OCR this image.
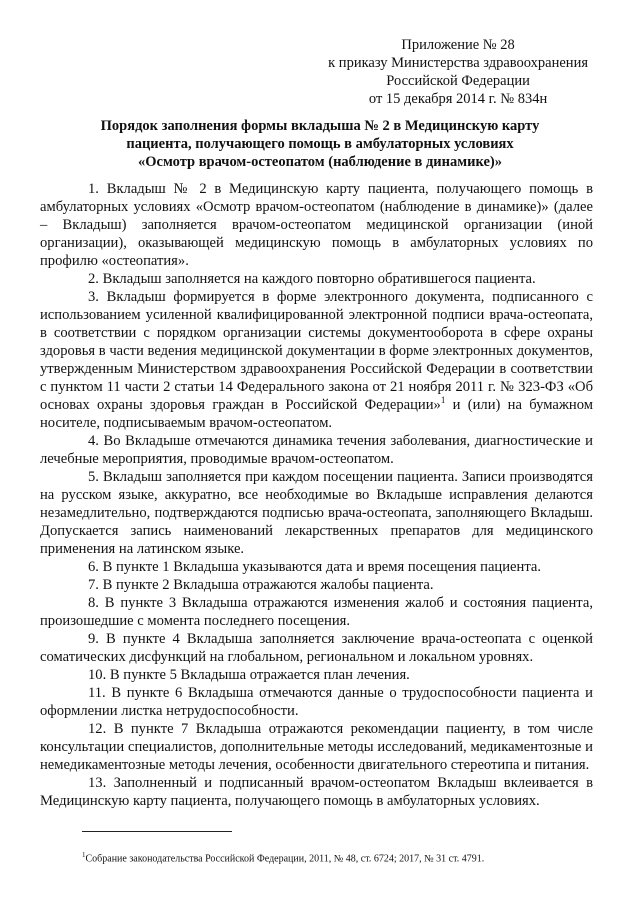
Приложение № 28
к приказу Министерства здравоохранения
Российской Федерации
от 15 декабря 2014 г. № 834н
Порядок заполнения формы вкладыша № 2 в Медицинскую карту
пациента, получающего помощь в амбулаторных условиях
«Осмотр врачом-остеопатом (наблюдение в динамике)»

1. Вкладыш № 2 в Медицинскую карту пациента, получающего помощь в амбулаторных условиях «Осмотр врачом-остеопатом (наблюдение в динамике)» (далее – Вкладыш) заполняется врачом-остеопатом медицинской организации (иной организации), оказывающей медицинскую помощь в амбулаторных условиях по профилю «остеопатия».

2. Вкладыш заполняется на каждого повторно обратившегося пациента.

3. Вкладыш формируется в форме электронного документа, подписанного с использованием усиленной квалифицированной электронной подписи врача-остеопата, в соответствии с порядком организации системы документооборота в сфере охраны здоровья в части ведения медицинской документации в форме электронных документов, утвержденным Министерством здравоохранения Российской Федерации в соответствии с пунктом 11 части 2 статьи 14 Федерального закона от 21 ноября 2011 г. № 323-ФЗ «Об основах охраны здоровья граждан в Российской Федерации»$^1$ и (или) на бумажном носителе, подписываемым врачом-остеопатом.

4. Во Вкладыше отмечаются динамика течения заболевания, диагностические и лечебные мероприятия, проводимые врачом-остеопатом.

5. Вкладыш заполняется при каждом посещении пациента. Записи производятся на русском языке, аккуратно, все необходимые во Вкладыше исправления делаются незамедлительно, подтверждаются подписью врача-остеопата, заполняющего Вкладыш. Допускается запись наименований лекарственных препаратов для медицинского применения на латинском языке.

6. В пункте 1 Вкладыша указываются дата и время посещения пациента.

7. В пункте 2 Вкладыша отражаются жалобы пациента.

8. В пункте 3 Вкладыша отражаются изменения жалоб и состояния пациента, произошедшие с момента последнего посещения.

9. В пункте 4 Вкладыша заполняется заключение врача-остеопата с оценкой соматических дисфункций на глобальном, региональном и локальном уровнях.

10. В пункте 5 Вкладыша отражается план лечения.

11. В пункте 6 Вкладыша отмечаются данные о трудоспособности пациента и оформлении листка нетрудоспособности.

12. В пункте 7 Вкладыша отражаются рекомендации пациенту, в том числе консультации специалистов, дополнительные методы исследований, медикаментозные и немедикаментозные методы лечения, особенности двигательного стереотипа и питания.

13. Заполненный и подписанный врачом-остеопатом Вкладыш вклеивается в Медицинскую карту пациента, получающего помощь в амбулаторных условиях.

$^1$Собрание законодательства Российской Федерации, 2011, № 48, ст. 6724; 2017, № 31 ст. 4791.
